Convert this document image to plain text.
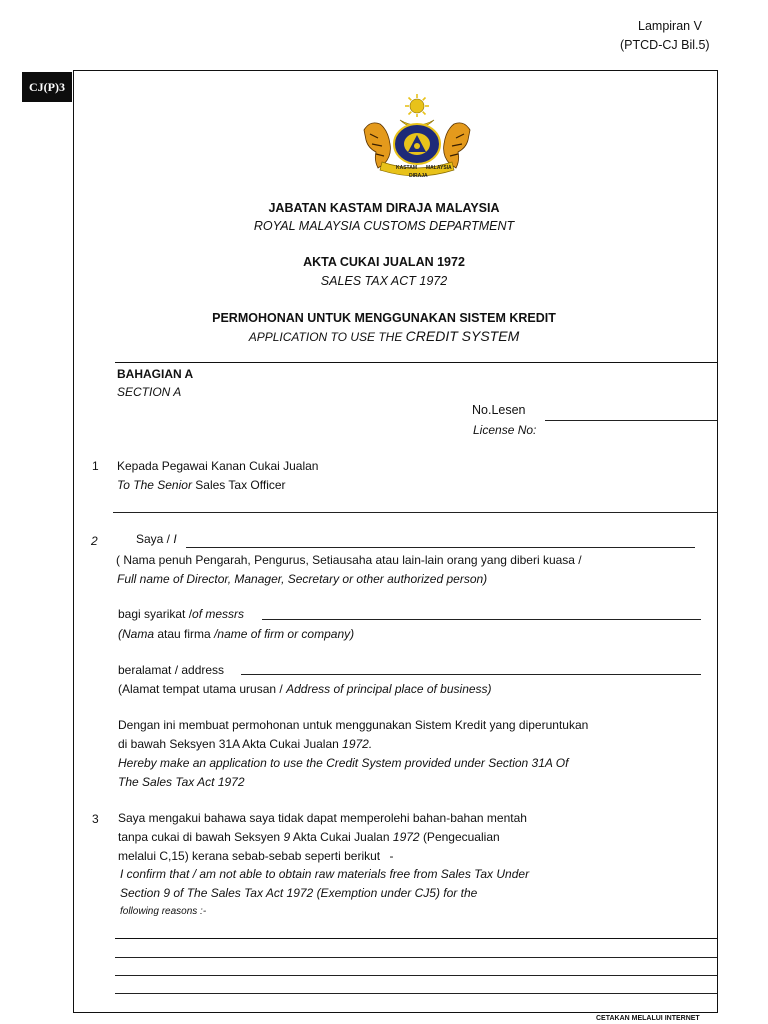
Lampiran V
(PTCD-CJ Bil.5)
CJ(P)3
KASTAM MALAYSIA
DIRAJA
JABATAN KASTAM DIRAJA MALAYSIA
ROYAL MALAYSIA CUSTOMS DEPARTMENT
AKTA CUKAI JUALAN 1972
SALES TAX ACT 1972
PERMOHONAN UNTUK MENGGUNAKAN SISTEM KREDIT
APPLICATION TO USE THE CREDIT SYSTEM
BAHAGIAN A
SECTION A
No.Lesen
License No:
1 Kepada Pegawai Kanan Cukai Jualan
To The Senior Sales Tax Officer
2	Saya / I
( Nama penuh Pengarah, Pengurus, Setiausaha atau lain-lain orang yang diberi kuasa /
Full name of Director, Manager, Secretary or other authorized person)
bagi syarikat /of messrs
(Nama atau firma /name of firm or company)
beralamat / address
(Alamat tempat utama urusan / Address of principal place of business)
Dengan ini membuat permohonan untuk menggunakan Sistem Kredit yang diperuntukan
di bawah Seksyen 31A Akta Cukai Jualan 1972.
Hereby make an application to use the Credit System provided under Section 31A Of
The Sales Tax Act 1972
3 Saya mengakui bahawa saya tidak dapat memperolehi bahan-bahan mentah
tanpa cukai di bawah Seksyen 9 Akta Cukai Jualan 1972 (Pengecualian
melalui C,15) kerana sebab-sebab seperti berikut -
I confirm that / am not able to obtain raw materials free from Sales Tax Under
Section 9 of The Sales Tax Act 1972 (Exemption under CJ5) for the
following reasons :-
CETAKAN MELALUI INTERNET
